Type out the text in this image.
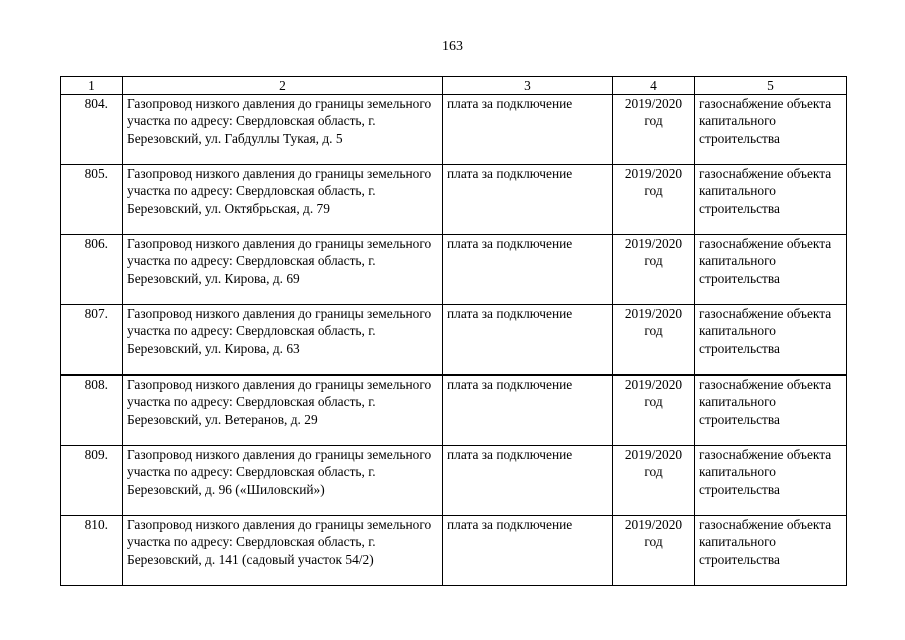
163
1	2	3	4	5
804.	Газопровод низкого давления до границы земельного участка по адресу: Свердловская область, г. Березовский, ул. Габдуллы Тукая, д. 5	плата за подключение	2019/2020 год	газоснабжение объекта капитального строительства
805.	Газопровод низкого давления до границы земельного участка по адресу: Свердловская область, г. Березовский, ул. Октябрьская, д. 79	плата за подключение	2019/2020 год	газоснабжение объекта капитального строительства
806.	Газопровод низкого давления до границы земельного участка по адресу: Свердловская область, г. Березовский, ул. Кирова, д. 69	плата за подключение	2019/2020 год	газоснабжение объекта капитального строительства
807.	Газопровод низкого давления до границы земельного участка по адресу: Свердловская область, г. Березовский, ул. Кирова, д. 63	плата за подключение	2019/2020 год	газоснабжение объекта капитального строительства
808.	Газопровод низкого давления до границы земельного участка по адресу: Свердловская область, г. Березовский, ул. Ветеранов, д. 29	плата за подключение	2019/2020 год	газоснабжение объекта капитального строительства
809.	Газопровод низкого давления до границы земельного участка по адресу: Свердловская область, г. Березовский, д. 96 («Шиловский»)	плата за подключение	2019/2020 год	газоснабжение объекта капитального строительства
810.	Газопровод низкого давления до границы земельного участка по адресу: Свердловская область, г. Березовский, д. 141 (садовый участок 54/2)	плата за подключение	2019/2020 год	газоснабжение объекта капитального строительства
